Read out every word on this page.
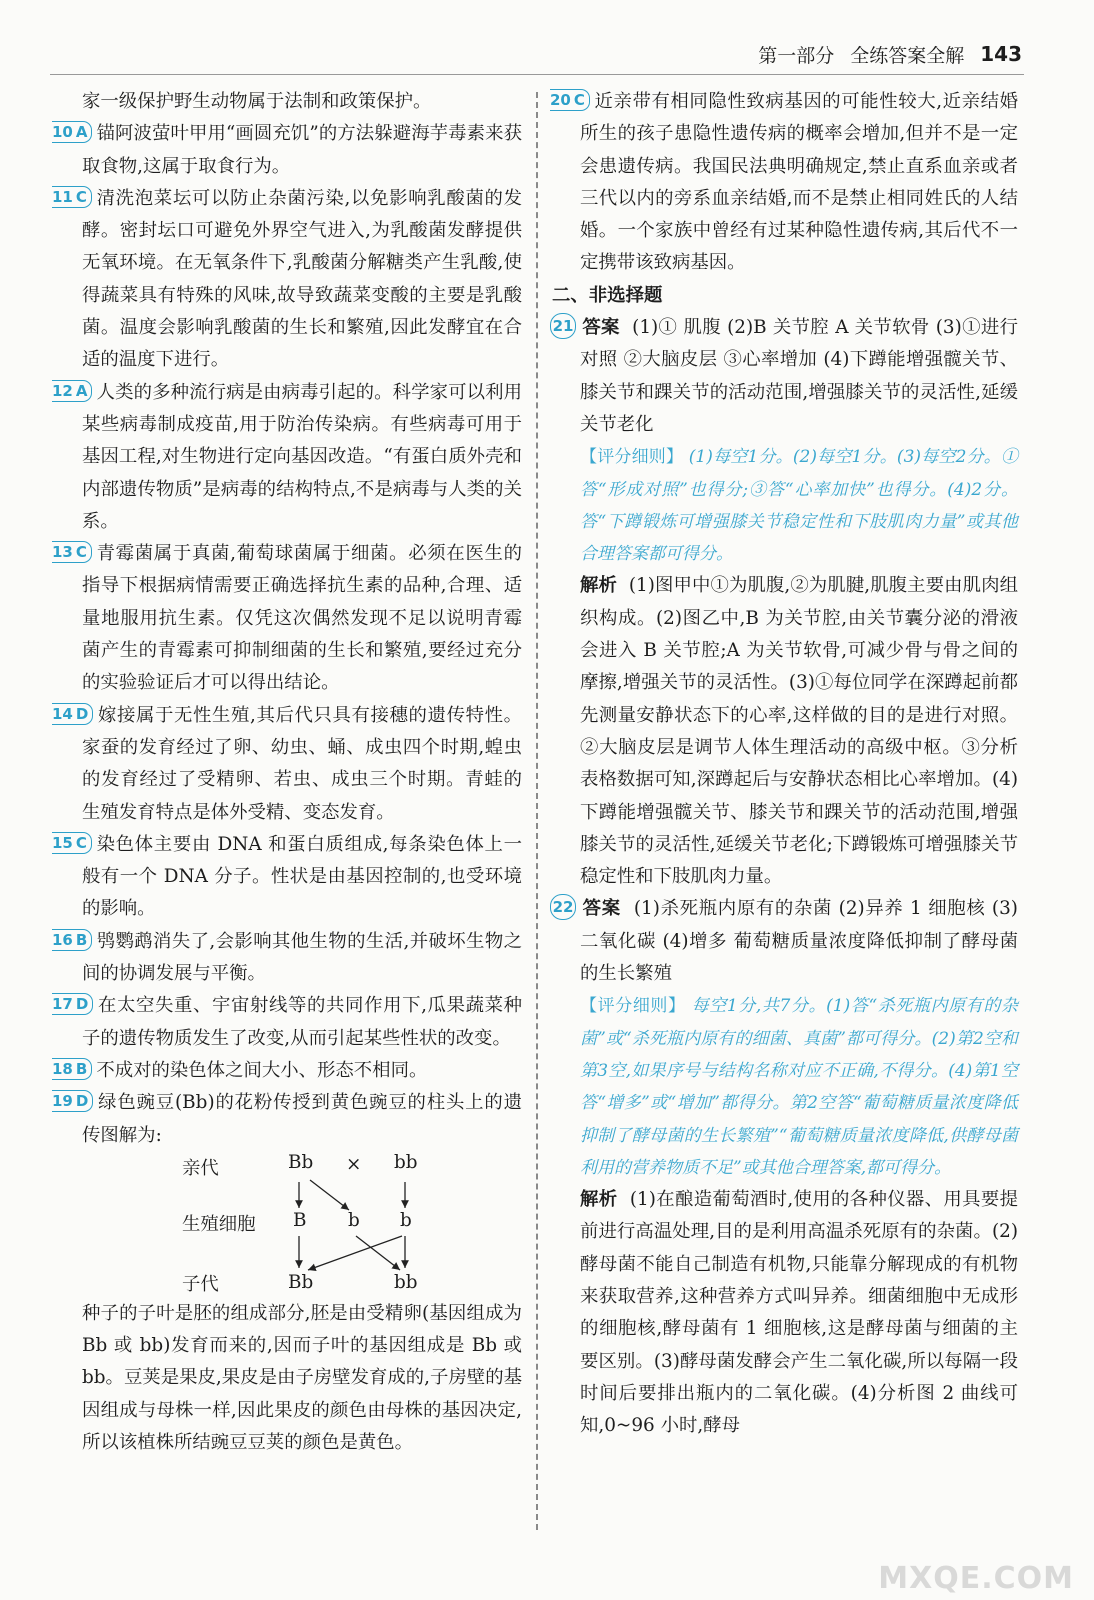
第一部分 全练答案全解 143

家一级保护野生动物属于法制和政策保护。

10 A 锚阿波萤叶甲用“画圆充饥”的方法躲避海芋毒素来获取食物,这属于取食行为。

11 C 清洗泡菜坛可以防止杂菌污染,以免影响乳酸菌的发酵。密封坛口可避免外界空气进入,为乳酸菌发酵提供无氧环境。在无氧条件下,乳酸菌分解糖类产生乳酸,使得蔬菜具有特殊的风味,故导致蔬菜变酸的主要是乳酸菌。温度会影响乳酸菌的生长和繁殖,因此发酵宜在合适的温度下进行。

12 A 人类的多种流行病是由病毒引起的。科学家可以利用某些病毒制成疫苗,用于防治传染病。有些病毒可用于基因工程,对生物进行定向基因改造。“有蛋白质外壳和内部遗传物质”是病毒的结构特点,不是病毒与人类的关系。

13 C 青霉菌属于真菌,葡萄球菌属于细菌。必须在医生的指导下根据病情需要正确选择抗生素的品种,合理、适量地服用抗生素。仅凭这次偶然发现不足以说明青霉菌产生的青霉素可抑制细菌的生长和繁殖,要经过充分的实验验证后才可以得出结论。

14 D 嫁接属于无性生殖,其后代只具有接穗的遗传特性。家蚕的发育经过了卵、幼虫、蛹、成虫四个时期,蝗虫的发育经过了受精卵、若虫、成虫三个时期。青蛙的生殖发育特点是体外受精、变态发育。

15 C 染色体主要由 DNA 和蛋白质组成,每条染色体上一般有一个 DNA 分子。性状是由基因控制的,也受环境的影响。

16 B 鸮鹦鹉消失了,会影响其他生物的生活,并破坏生物之间的协调发展与平衡。

17 D 在太空失重、宇宙射线等的共同作用下,瓜果蔬菜种子的遗传物质发生了改变,从而引起某些性状的改变。

18 B 不成对的染色体之间大小、形态不相同。

19 D 绿色豌豆(Bb)的花粉传授到黄色豌豆的柱头上的遗传图解为:

亲代	Bb × bb
生殖细胞 B b b
子代	Bb	bb

种子的子叶是胚的组成部分,胚是由受精卵(基因组成为 Bb 或 bb)发育而来的,因而子叶的基因组成是 Bb 或 bb。豆荚是果皮,果皮是由子房壁发育成的,子房壁的基因组成与母株一样,因此果皮的颜色由母株的基因决定,所以该植株所结豌豆豆荚的颜色是黄色。

20 C 近亲带有相同隐性致病基因的可能性较大,近亲结婚所生的孩子患隐性遗传病的概率会增加,但并不是一定会患遗传病。我国民法典明确规定,禁止直系血亲或者三代以内的旁系血亲结婚,而不是禁止相同姓氏的人结婚。一个家族中曾经有过某种隐性遗传病,其后代不一定携带该致病基因。

二、非选择题

21 答案 (1)① 肌腹 (2)B 关节腔 A 关节软骨 (3)①进行对照 ②大脑皮层 ③心率增加 (4)下蹲能增强髋关节、膝关节和踝关节的活动范围,增强膝关节的灵活性,延缓关节老化

【评分细则】 (1)每空1分。(2)每空1分。(3)每空2分。①答“形成对照”也得分;③答“心率加快”也得分。(4)2分。答“下蹲锻炼可增强膝关节稳定性和下肢肌肉力量”或其他合理答案都可得分。

解析 (1)图甲中①为肌腹,②为肌腱,肌腹主要由肌肉组织构成。(2)图乙中,B 为关节腔,由关节囊分泌的滑液会进入 B 关节腔;A 为关节软骨,可减少骨与骨之间的摩擦,增强关节的灵活性。(3)①每位同学在深蹲起前都先测量安静状态下的心率,这样做的目的是进行对照。②大脑皮层是调节人体生理活动的高级中枢。③分析表格数据可知,深蹲起后与安静状态相比心率增加。(4)下蹲能增强髋关节、膝关节和踝关节的活动范围,增强膝关节的灵活性,延缓关节老化;下蹲锻炼可增强膝关节稳定性和下肢肌肉力量。

22 答案 (1)杀死瓶内原有的杂菌 (2)异养 1 细胞核 (3)二氧化碳 (4)增多 葡萄糖质量浓度降低抑制了酵母菌的生长繁殖

【评分细则】 每空1分,共7分。(1)答“杀死瓶内原有的杂菌”或“杀死瓶内原有的细菌、真菌”都可得分。(2)第2空和第3空,如果序号与结构名称对应不正确,不得分。(4)第1空答“增多”或“增加”都得分。第2空答“葡萄糖质量浓度降低抑制了酵母菌的生长繁殖”“葡萄糖质量浓度降低,供酵母菌利用的营养物质不足”或其他合理答案,都可得分。

解析 (1)在酿造葡萄酒时,使用的各种仪器、用具要提前进行高温处理,目的是利用高温杀死原有的杂菌。(2)酵母菌不能自己制造有机物,只能靠分解现成的有机物来获取营养,这种营养方式叫异养。细菌细胞中无成形的细胞核,酵母菌有 1 细胞核,这是酵母菌与细菌的主要区别。(3)酵母菌发酵会产生二氧化碳,所以每隔一段时间后要排出瓶内的二氧化碳。(4)分析图 2 曲线可知,0~96 小时,酵母

MXQE.COM
